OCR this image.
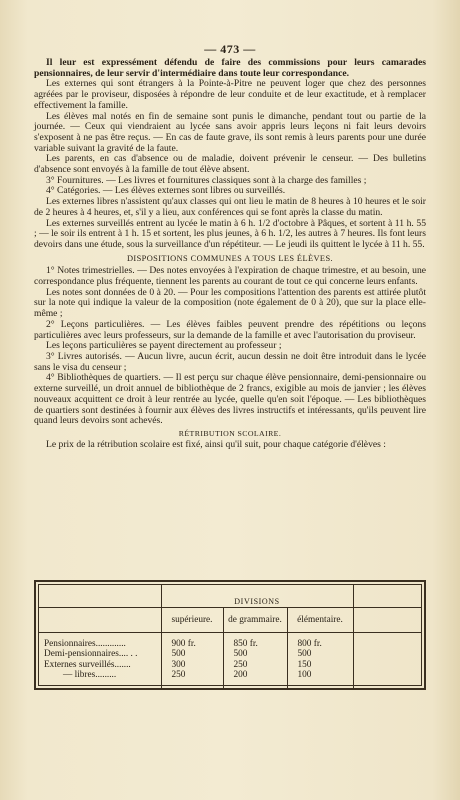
— 473 —

Il leur est expressément défendu de faire des commissions pour leurs camarades pensionnaires, de leur servir d'intermédiaire dans toute leur correspondance.

Les externes qui sont étrangers à la Pointe-à-Pitre ne peuvent loger que chez des personnes agréées par le proviseur, disposées à répondre de leur conduite et de leur exactitude, et à remplacer effectivement la famille.

Les élèves mal notés en fin de semaine sont punis le dimanche, pendant tout ou partie de la journée. — Ceux qui viendraient au lycée sans avoir appris leurs leçons ni fait leurs devoirs s'exposent à ne pas être reçus. — En cas de faute grave, ils sont remis à leurs parents pour une durée variable suivant la gravité de la faute.

Les parents, en cas d'absence ou de maladie, doivent prévenir le censeur. — Des bulletins d'absence sont envoyés à la famille de tout élève absent.

3° Fournitures. — Les livres et fournitures classiques sont à la charge des familles ;

4° Catégories. — Les élèves externes sont libres ou surveillés.

Les externes libres n'assistent qu'aux classes qui ont lieu le matin de 8 heures à 10 heures et le soir de 2 heures à 4 heures, et, s'il y a lieu, aux conférences qui se font après la classe du matin.

Les externes surveillés entrent au lycée le matin à 6 h. 1/2 d'octobre à Pâques, et sortent à 11 h. 55 ; — le soir ils entrent à 1 h. 15 et sortent, les plus jeunes, à 6 h. 1/2, les autres à 7 heures. Ils font leurs devoirs dans une étude, sous la surveillance d'un répétiteur. — Le jeudi ils quittent le lycée à 11 h. 55.

DISPOSITIONS COMMUNES A TOUS LES ÉLÈVES.

1° Notes trimestrielles. — Des notes envoyées à l'expiration de chaque trimestre, et au besoin, une correspondance plus fréquente, tiennent les parents au courant de tout ce qui concerne leurs enfants.

Les notes sont données de 0 à 20. — Pour les compositions l'attention des parents est attirée plutôt sur la note qui indique la valeur de la composition (note également de 0 à 20), que sur la place elle-même ;

2° Leçons particulières. — Les élèves faibles peuvent prendre des répétitions ou leçons particulières avec leurs professeurs, sur la demande de la famille et avec l'autorisation du proviseur.

Les leçons particulières se payent directement au professeur ;

3° Livres autorisés. — Aucun livre, aucun écrit, aucun dessin ne doit être introduit dans le lycée sans le visa du censeur ;

4° Bibliothèques de quartiers. — Il est perçu sur chaque élève pensionnaire, demi-pensionnaire ou externe surveillé, un droit annuel de bibliothèque de 2 francs, exigible au mois de janvier ; les élèves nouveaux acquittent ce droit à leur rentrée au lycée, quelle qu'en soit l'époque. — Les bibliothèques de quartiers sont destinées à fournir aux élèves des livres instructifs et intéressants, qu'ils peuvent lire quand leurs devoirs sont achevés.

RÉTRIBUTION SCOLAIRE.

Le prix de la rétribution scolaire est fixé, ainsi qu'il suit, pour chaque catégorie d'élèves :

	DIVISIONS			
	supérieure.	de grammaire.	élémentaire.	

Pensionnaires.............	900 fr.	850 fr.	800 fr.	
Demi-pensionnaires.... . .	500	500	500	
Externes surveillés.......	300	250	150	
— libres.........	250	200	100	
